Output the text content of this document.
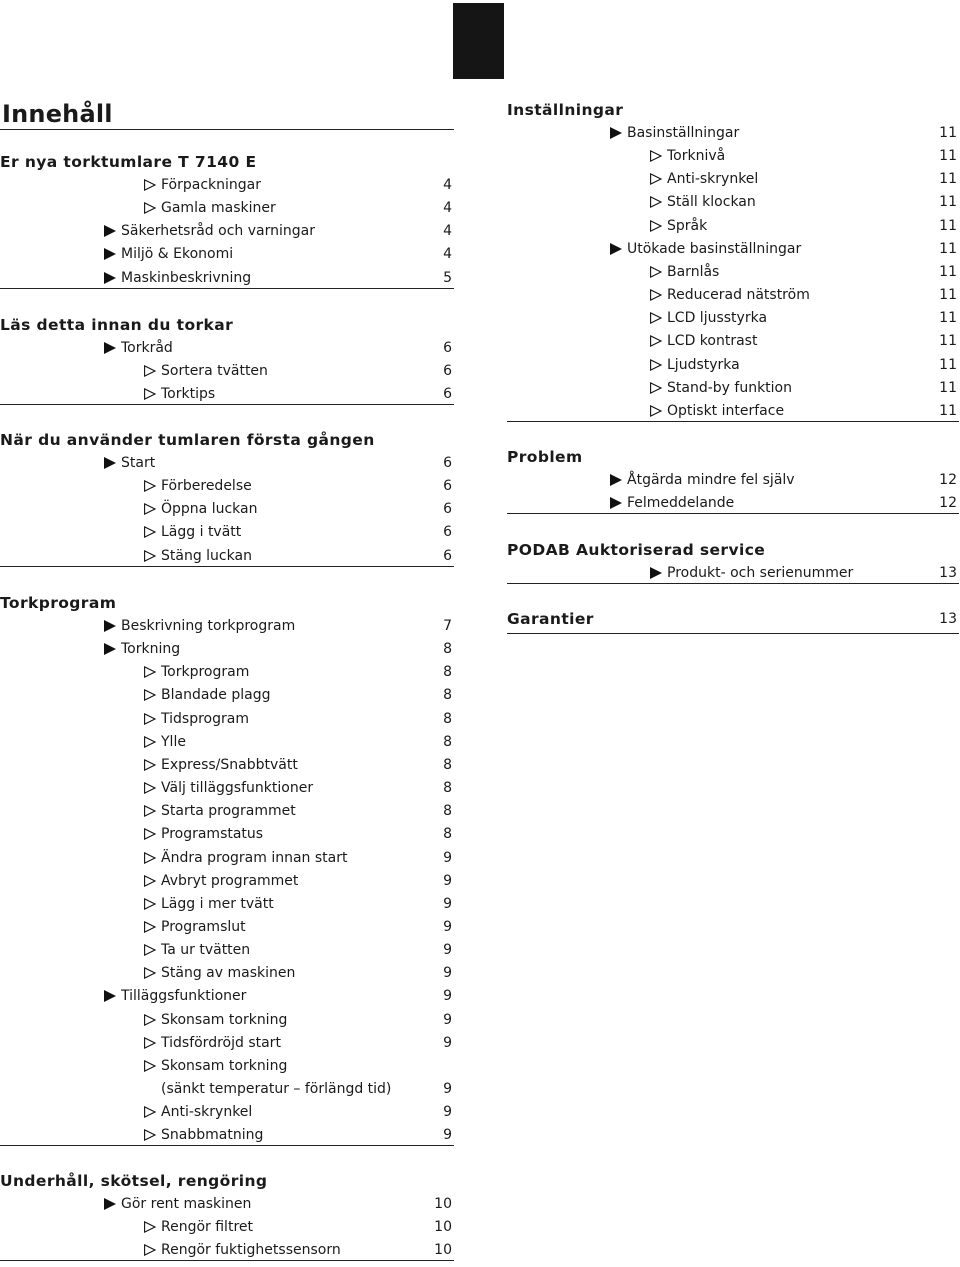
Innehåll
Er nya torktumlare T 7140 E
Förpackningar	4
Gamla maskiner	4
Säkerhetsråd och varningar	4
Miljö & Ekonomi	4
Maskinbeskrivning	5
Läs detta innan du torkar
Torkråd	6
Sortera tvätten	6
Torktips	6
När du använder tumlaren första gången
Start	6
Förberedelse	6
Öppna luckan	6
Lägg i tvätt	6
Stäng luckan	6
Torkprogram
Beskrivning torkprogram	7
Torkning	8
Torkprogram	8
Blandade plagg	8
Tidsprogram	8
Ylle	8
Express/Snabbtvätt	8
Välj tilläggsfunktioner	8
Starta programmet	8
Programstatus	8
Ändra program innan start	9
Avbryt programmet	9
Lägg i mer tvätt	9
Programslut	9
Ta ur tvätten	9
Stäng av maskinen	9
Tilläggsfunktioner	9
Skonsam torkning	9
Tidsfördröjd start	9
Skonsam torkning
(sänkt temperatur – förlängd tid)	9
Anti-skrynkel	9
Snabbmatning	9
Underhåll, skötsel, rengöring
Gör rent maskinen	10
Rengör filtret	10
Rengör fuktighetssensorn	10
Inställningar
Basinställningar	11
Torknivå	11
Anti-skrynkel	11
Ställ klockan	11
Språk	11
Utökade basinställningar	11
Barnlås	11
Reducerad nätström	11
LCD ljusstyrka	11
LCD kontrast	11
Ljudstyrka	11
Stand-by funktion	11
Optiskt interface	11
Problem
Åtgärda mindre fel själv	12
Felmeddelande	12
PODAB Auktoriserad service
Produkt- och serienummer	13
Garantier	13
